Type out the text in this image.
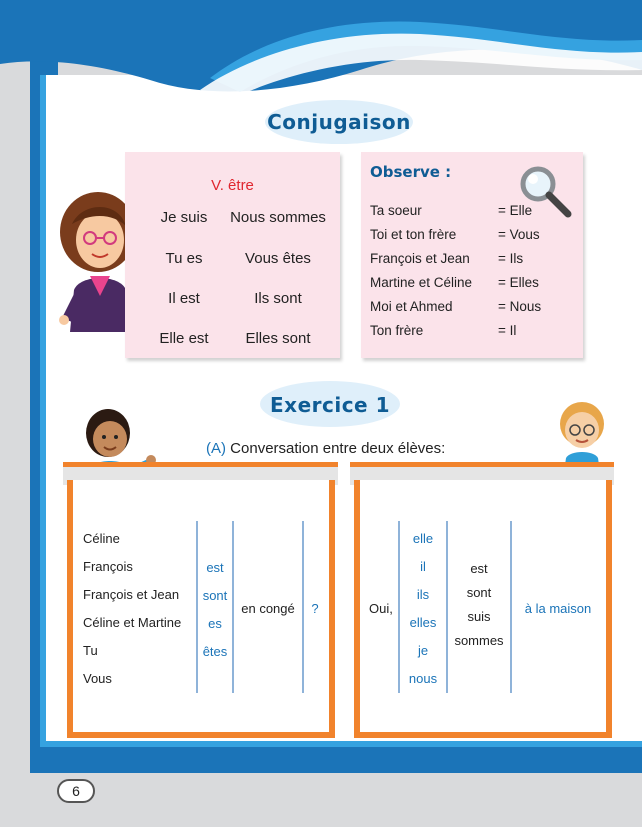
Conjugaison
V. être
Je suis
Tu es
Il est
Elle est
Nous sommes
Vous êtes
Ils sont
Elles sont
Observe :
Ta soeur
Toi et ton frère
François et Jean
Martine et Céline
Moi et Ahmed
Ton frère
= Elle
= Vous
= Ils
= Elles
= Nous
= Il
Exercice 1
(A) Conversation entre deux élèves:
Céline
François
François et Jean
Céline et Martine
Tu
Vous
est
sont
es
êtes
en congé	?	Oui,
elle
il
ils
elles
je
nous
est
sont
suis
sommes
à la maison
6
